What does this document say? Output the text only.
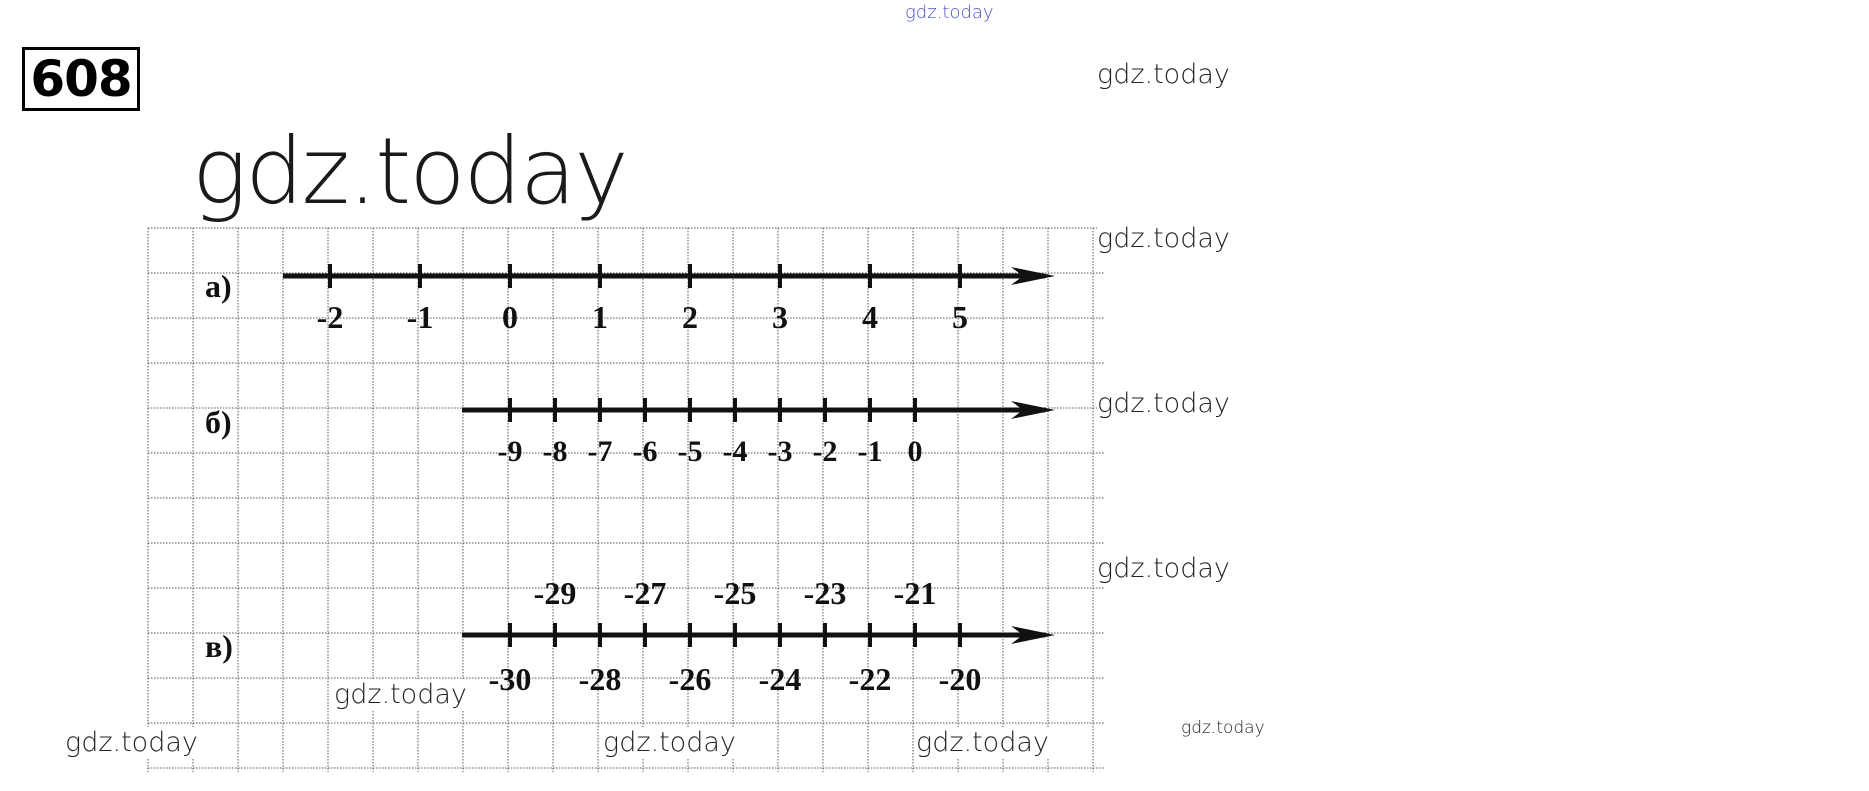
608
gdz.today
gdz.today
а)
-2 -1 0 1 2 3 4 5
б)
-9 -8 -7 -6 -5 -4 -3 -2 -1 0
в)
-30
-29
-28
-27
-26
-25
-24
-23
-22
-21
-20
gdz.today
gdz.today
gdz.today
gdz.today
gdz.today
gdz.today	gdz.today	gdz.today	gdz.today
